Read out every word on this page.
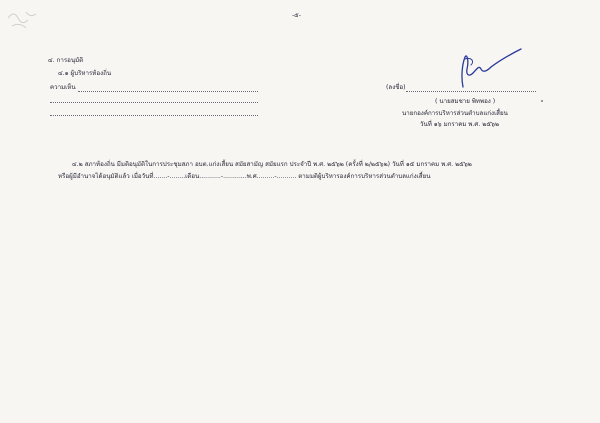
-๕-
๔. การอนุมัติ
๔.๑ ผู้บริหารท้องถิ่น
ความเห็น	(ลงชื่อ)
( นายสมชาย พิทพอง )
นายกองค์การบริหารส่วนตำบลแก่งเสี้ยน
วันที่ ๑๖ มกราคม พ.ศ. ๒๕๖๒
๔.๒ สภาท้องถิ่น มีมติอนุมัติในการประชุมสภา อบต.แก่งเสี้ยน สมัยสามัญ สมัยแรก ประจำปี พ.ศ. ๒๕๖๒ (ครั้งที่ ๒/๒๕๖๒) วันที่ ๑๕ มกราคม พ.ศ. ๒๕๖๒
หรือผู้มีอำนาจได้อนุมัติแล้ว เมื่อวันที่.......-........เดือน...........-............พ.ศ.........-.......... ตามมติผู้บริหารองค์การบริหารส่วนตำบลแก่งเสี้ยน
